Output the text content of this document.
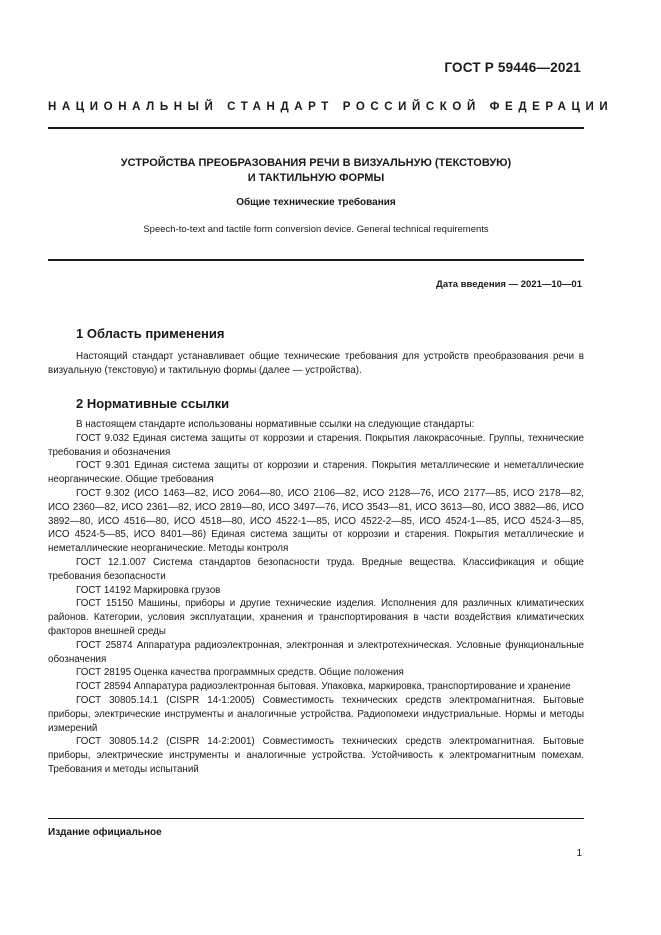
ГОСТ Р 59446—2021
НАЦИОНАЛЬНЫЙ СТАНДАРТ РОССИЙСКОЙ ФЕДЕРАЦИИ
УСТРОЙСТВА ПРЕОБРАЗОВАНИЯ РЕЧИ В ВИЗУАЛЬНУЮ (ТЕКСТОВУЮ)
И ТАКТИЛЬНУЮ ФОРМЫ
Общие технические требования
Speech-to-text and tactile form conversion device. General technical requirements
Дата введения — 2021—10—01
1 Область применения

Настоящий стандарт устанавливает общие технические требования для устройств преобразования речи в визуальную (текстовую) и тактильную формы (далее — устройства).

2 Нормативные ссылки

В настоящем стандарте использованы нормативные ссылки на следующие стандарты:

ГОСТ 9.032 Единая система защиты от коррозии и старения. Покрытия лакокрасочные. Группы, технические требования и обозначения

ГОСТ 9.301 Единая система защиты от коррозии и старения. Покрытия металлические и неметаллические неорганические. Общие требования

ГОСТ 9.302 (ИСО 1463—82, ИСО 2064—80, ИСО 2106—82, ИСО 2128—76, ИСО 2177—85, ИСО 2178—82, ИСО 2360—82, ИСО 2361—82, ИСО 2819—80, ИСО 3497—76, ИСО 3543—81, ИСО 3613—80, ИСО 3882—86, ИСО 3892—80, ИСО 4516—80, ИСО 4518—80, ИСО 4522-1—85, ИСО 4522-2—85, ИСО 4524-1—85, ИСО 4524-3—85, ИСО 4524-5—85, ИСО 8401—86) Единая система защиты от коррозии и старения. Покрытия металлические и неметаллические неорганические. Методы контроля

ГОСТ 12.1.007 Система стандартов безопасности труда. Вредные вещества. Классификация и общие требования безопасности

ГОСТ 14192 Маркировка грузов

ГОСТ 15150 Машины, приборы и другие технические изделия. Исполнения для различных климатических районов. Категории, условия эксплуатации, хранения и транспортирования в части воздействия климатических факторов внешней среды

ГОСТ 25874 Аппаратура радиоэлектронная, электронная и электротехническая. Условные функциональные обозначения

ГОСТ 28195 Оценка качества программных средств. Общие положения

ГОСТ 28594 Аппаратура радиоэлектронная бытовая. Упаковка, маркировка, транспортирование и хранение

ГОСТ 30805.14.1 (CISPR 14-1:2005) Совместимость технических средств электромагнитная. Бытовые приборы, электрические инструменты и аналогичные устройства. Радиопомехи индустриальные. Нормы и методы измерений

ГОСТ 30805.14.2 (CISPR 14-2:2001) Совместимость технических средств электромагнитная. Бытовые приборы, электрические инструменты и аналогичные устройства. Устойчивость к электромагнитным помехам. Требования и методы испытаний

Издание официальное
1
